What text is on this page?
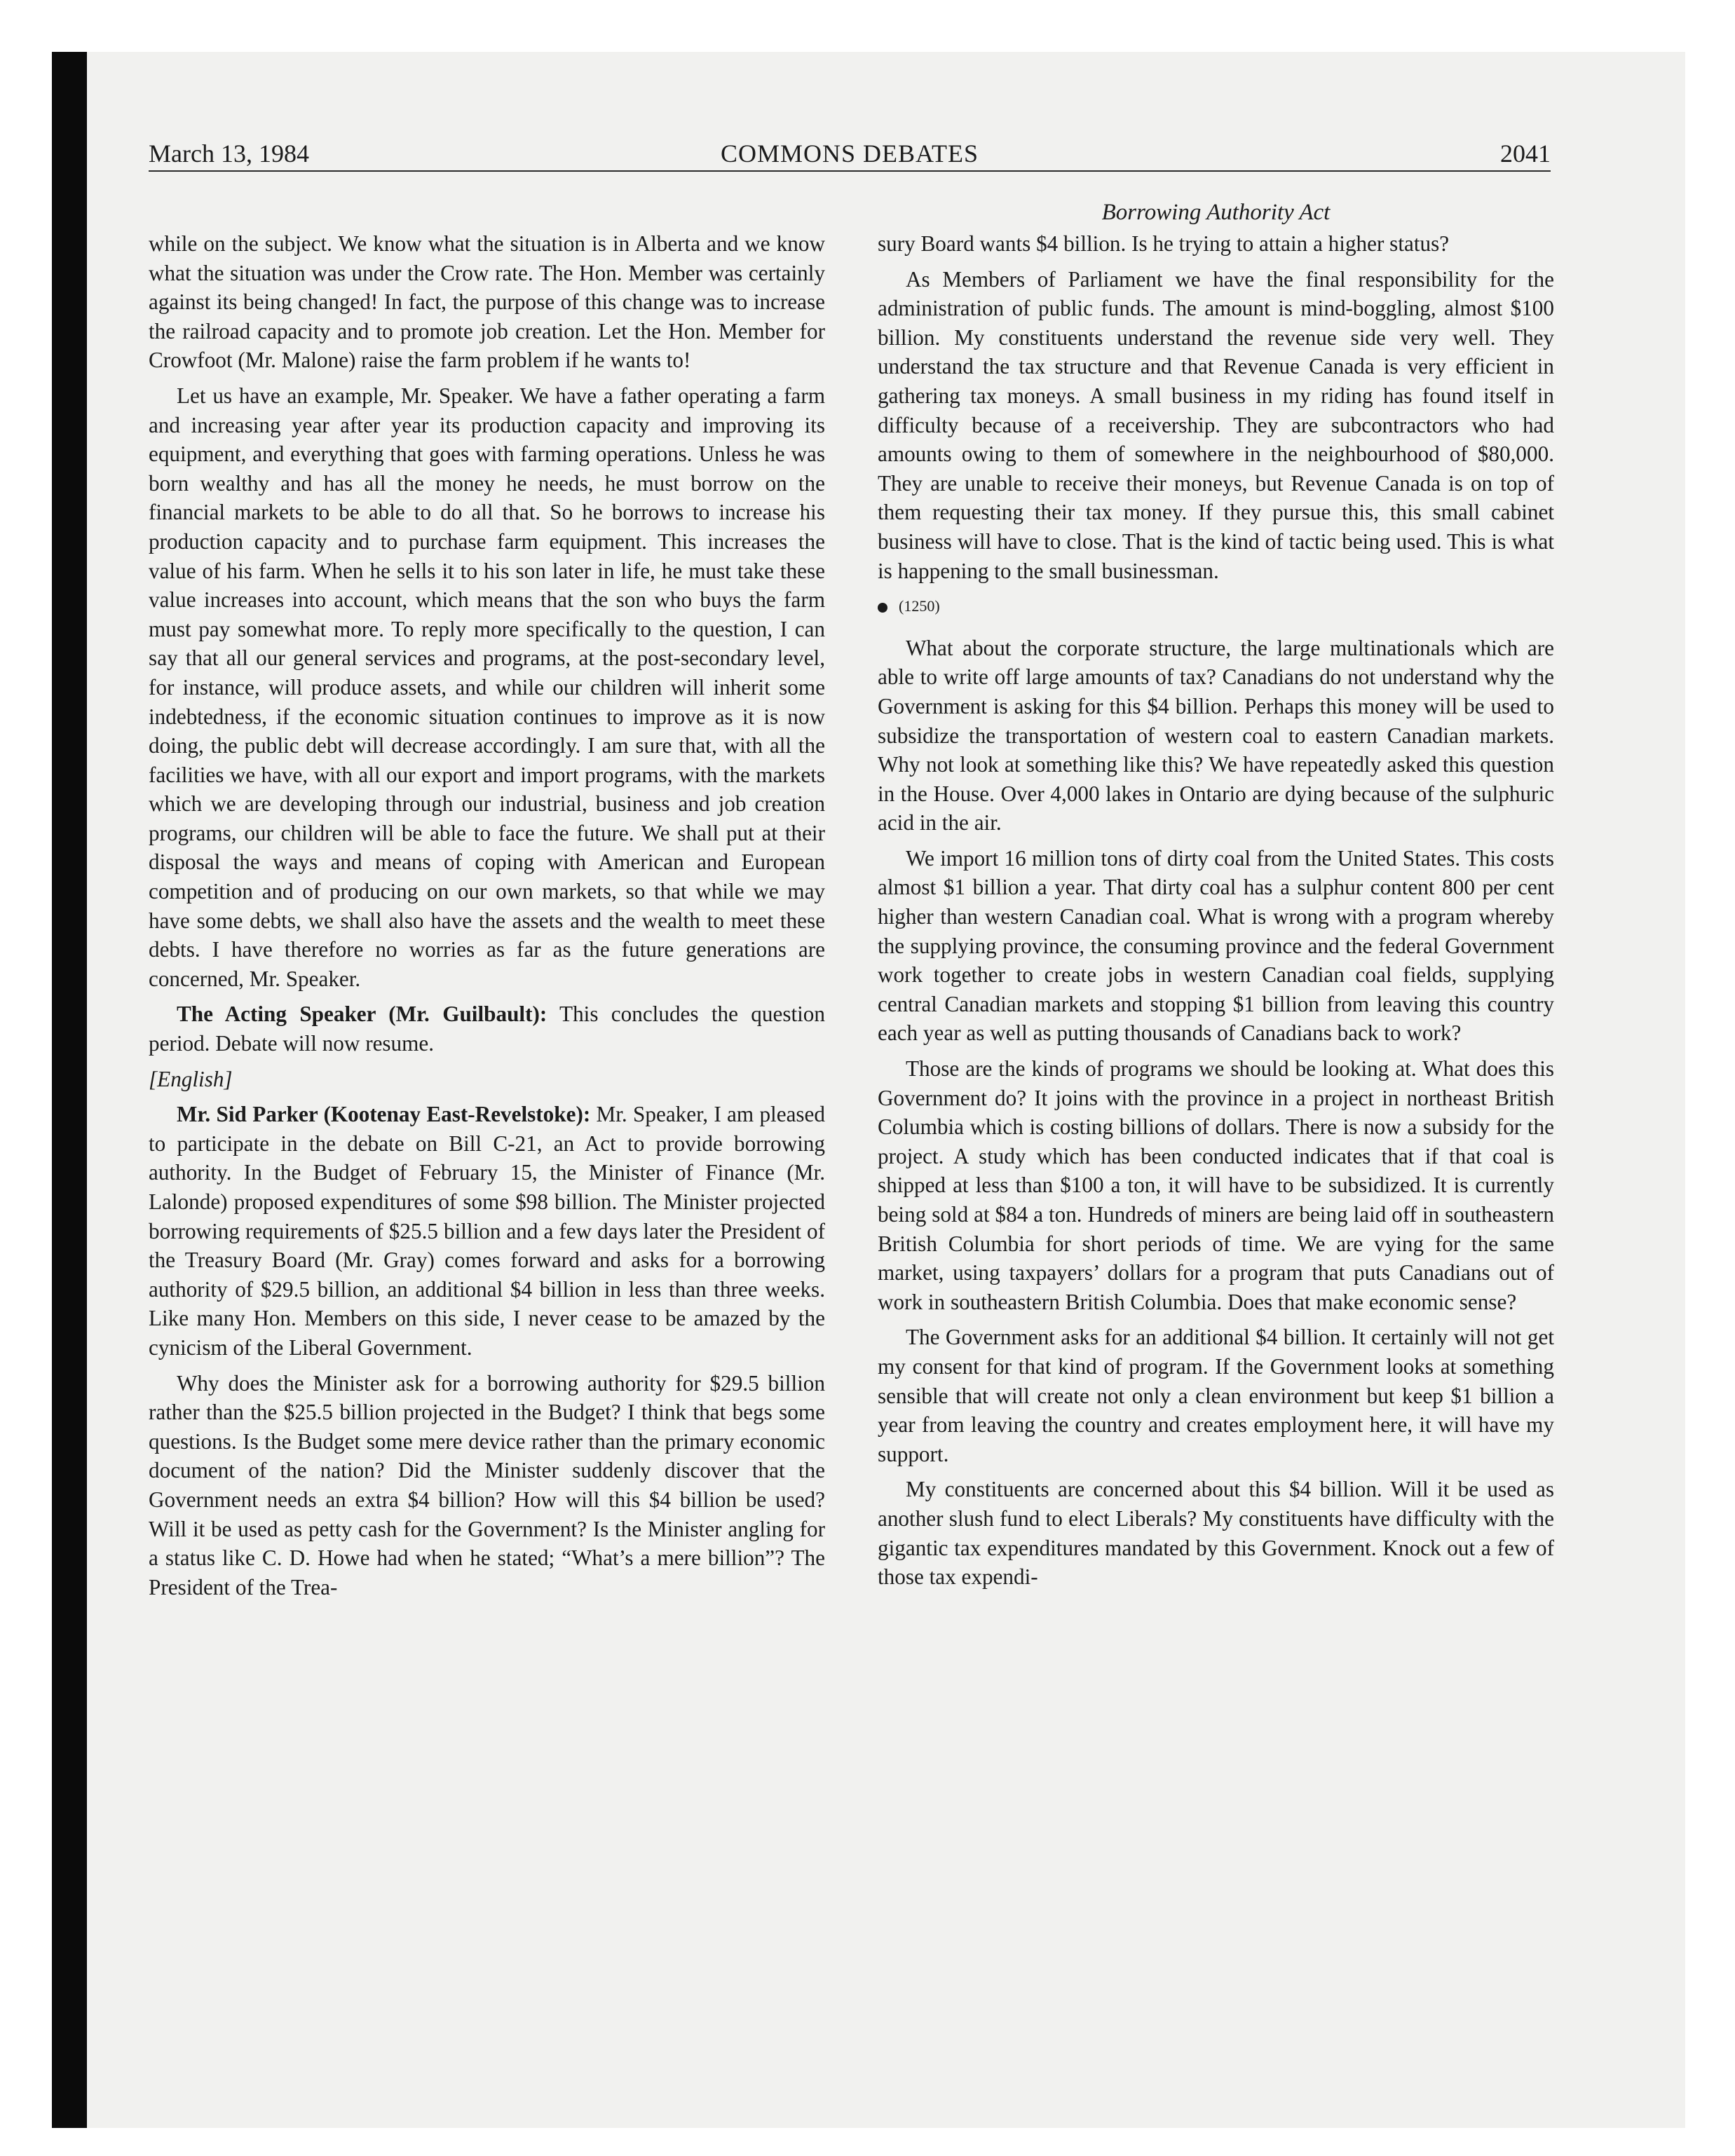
March 13, 1984	COMMONS DEBATES	2041
Borrowing Authority Act

while on the subject. We know what the situation is in Alberta and we know what the situation was under the Crow rate. The Hon. Member was certainly against its being changed! In fact, the purpose of this change was to increase the railroad capacity and to promote job creation. Let the Hon. Member for Crowfoot (Mr. Malone) raise the farm problem if he wants to!

Let us have an example, Mr. Speaker. We have a father operating a farm and increasing year after year its production capacity and improving its equipment, and everything that goes with farming operations. Unless he was born wealthy and has all the money he needs, he must borrow on the financial markets to be able to do all that. So he borrows to increase his production capacity and to purchase farm equipment. This increases the value of his farm. When he sells it to his son later in life, he must take these value increases into account, which means that the son who buys the farm must pay somewhat more. To reply more specifically to the question, I can say that all our general services and programs, at the post-secondary level, for instance, will produce assets, and while our children will inherit some indebtedness, if the economic situation continues to improve as it is now doing, the public debt will decrease accordingly. I am sure that, with all the facilities we have, with all our export and import programs, with the markets which we are developing through our industrial, business and job creation programs, our children will be able to face the future. We shall put at their disposal the ways and means of coping with American and European competition and of producing on our own markets, so that while we may have some debts, we shall also have the assets and the wealth to meet these debts. I have therefore no worries as far as the future generations are concerned, Mr. Speaker.

The Acting Speaker (Mr. Guilbault): This concludes the question period. Debate will now resume.

[English]

Mr. Sid Parker (Kootenay East-Revelstoke): Mr. Speaker, I am pleased to participate in the debate on Bill C-21, an Act to provide borrowing authority. In the Budget of February 15, the Minister of Finance (Mr. Lalonde) proposed expenditures of some $98 billion. The Minister projected borrowing requirements of $25.5 billion and a few days later the President of the Treasury Board (Mr. Gray) comes forward and asks for a borrowing authority of $29.5 billion, an additional $4 billion in less than three weeks. Like many Hon. Members on this side, I never cease to be amazed by the cynicism of the Liberal Government.

Why does the Minister ask for a borrowing authority for $29.5 billion rather than the $25.5 billion projected in the Budget? I think that begs some questions. Is the Budget some mere device rather than the primary economic document of the nation? Did the Minister suddenly discover that the Government needs an extra $4 billion? How will this $4 billion be used? Will it be used as petty cash for the Government? Is the Minister angling for a status like C. D. Howe had when he stated; “What’s a mere billion”? The President of the Trea-

sury Board wants $4 billion. Is he trying to attain a higher status?

As Members of Parliament we have the final responsibility for the administration of public funds. The amount is mind-boggling, almost $100 billion. My constituents understand the revenue side very well. They understand the tax structure and that Revenue Canada is very efficient in gathering tax moneys. A small business in my riding has found itself in difficulty because of a receivership. They are subcontractors who had amounts owing to them of somewhere in the neighbourhood of $80,000. They are unable to receive their moneys, but Revenue Canada is on top of them requesting their tax money. If they pursue this, this small cabinet business will have to close. That is the kind of tactic being used. This is what is happening to the small businessman.

(1250)

What about the corporate structure, the large multinationals which are able to write off large amounts of tax? Canadians do not understand why the Government is asking for this $4 billion. Perhaps this money will be used to subsidize the transportation of western coal to eastern Canadian markets. Why not look at something like this? We have repeatedly asked this question in the House. Over 4,000 lakes in Ontario are dying because of the sulphuric acid in the air.

We import 16 million tons of dirty coal from the United States. This costs almost $1 billion a year. That dirty coal has a sulphur content 800 per cent higher than western Canadian coal. What is wrong with a program whereby the supplying province, the consuming province and the federal Government work together to create jobs in western Canadian coal fields, supplying central Canadian markets and stopping $1 billion from leaving this country each year as well as putting thousands of Canadians back to work?

Those are the kinds of programs we should be looking at. What does this Government do? It joins with the province in a project in northeast British Columbia which is costing billions of dollars. There is now a subsidy for the project. A study which has been conducted indicates that if that coal is shipped at less than $100 a ton, it will have to be subsidized. It is currently being sold at $84 a ton. Hundreds of miners are being laid off in southeastern British Columbia for short periods of time. We are vying for the same market, using taxpayers’ dollars for a program that puts Canadians out of work in southeastern British Columbia. Does that make economic sense?

The Government asks for an additional $4 billion. It certainly will not get my consent for that kind of program. If the Government looks at something sensible that will create not only a clean environment but keep $1 billion a year from leaving the country and creates employment here, it will have my support.

My constituents are concerned about this $4 billion. Will it be used as another slush fund to elect Liberals? My constituents have difficulty with the gigantic tax expenditures mandated by this Government. Knock out a few of those tax expendi-
